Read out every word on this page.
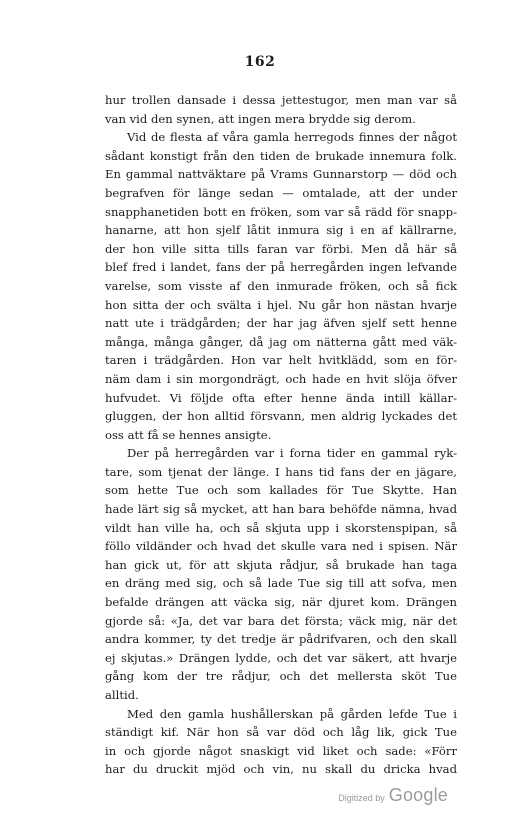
162
hur trollen dansade i dessa jettestugor, men man var så
van vid den synen, att ingen mera brydde sig derom.
Vid de flesta af våra gamla herregods finnes der något
sådant konstigt från den tiden de brukade innemura folk.
En gammal nattväktare på Vrams Gunnarstorp — död och
begrafven för länge sedan — omtalade, att der under
snapphanetiden bott en fröken, som var så rädd för snapp-
hanarne, att hon sjelf låtit inmura sig i en af källrarne,
der hon ville sitta tills faran var förbi. Men då här så
blef fred i landet, fans der på herregården ingen lefvande
varelse, som visste af den inmurade fröken, och så fick
hon sitta der och svälta i hjel. Nu går hon nästan hvarje
natt ute i trädgården; der har jag äfven sjelf sett henne
många, många gånger, då jag om nätterna gått med väk-
taren i trädgården. Hon var helt hvitklädd, som en för-
näm dam i sin morgondrägt, och hade en hvit slöja öfver
hufvudet. Vi följde ofta efter henne ända intill källar-
gluggen, der hon alltid försvann, men aldrig lyckades det
oss att få se hennes ansigte.
Der på herregården var i forna tider en gammal ryk-
tare, som tjenat der länge. I hans tid fans der en jägare,
som hette Tue och som kallades för Tue Skytte. Han
hade lärt sig så mycket, att han bara behöfde nämna, hvad
vildt han ville ha, och så skjuta upp i skorstenspipan, så
föllo vildänder och hvad det skulle vara ned i spisen. När
han gick ut, för att skjuta rådjur, så brukade han taga
en dräng med sig, och så lade Tue sig till att sofva, men
befalde drängen att väcka sig, när djuret kom. Drängen
gjorde så: «Ja, det var bara det första; väck mig, när det
andra kommer, ty det tredje är pådrifvaren, och den skall
ej skjutas.» Drängen lydde, och det var säkert, att hvarje
gång kom der tre rådjur, och det mellersta sköt Tue
alltid.
Med den gamla hushållerskan på gården lefde Tue i
ständigt kif. När hon så var död och låg lik, gick Tue
in och gjorde något snaskigt vid liket och sade: «Förr
har du druckit mjöd och vin, nu skall du dricka hvad
Digitized by Google
